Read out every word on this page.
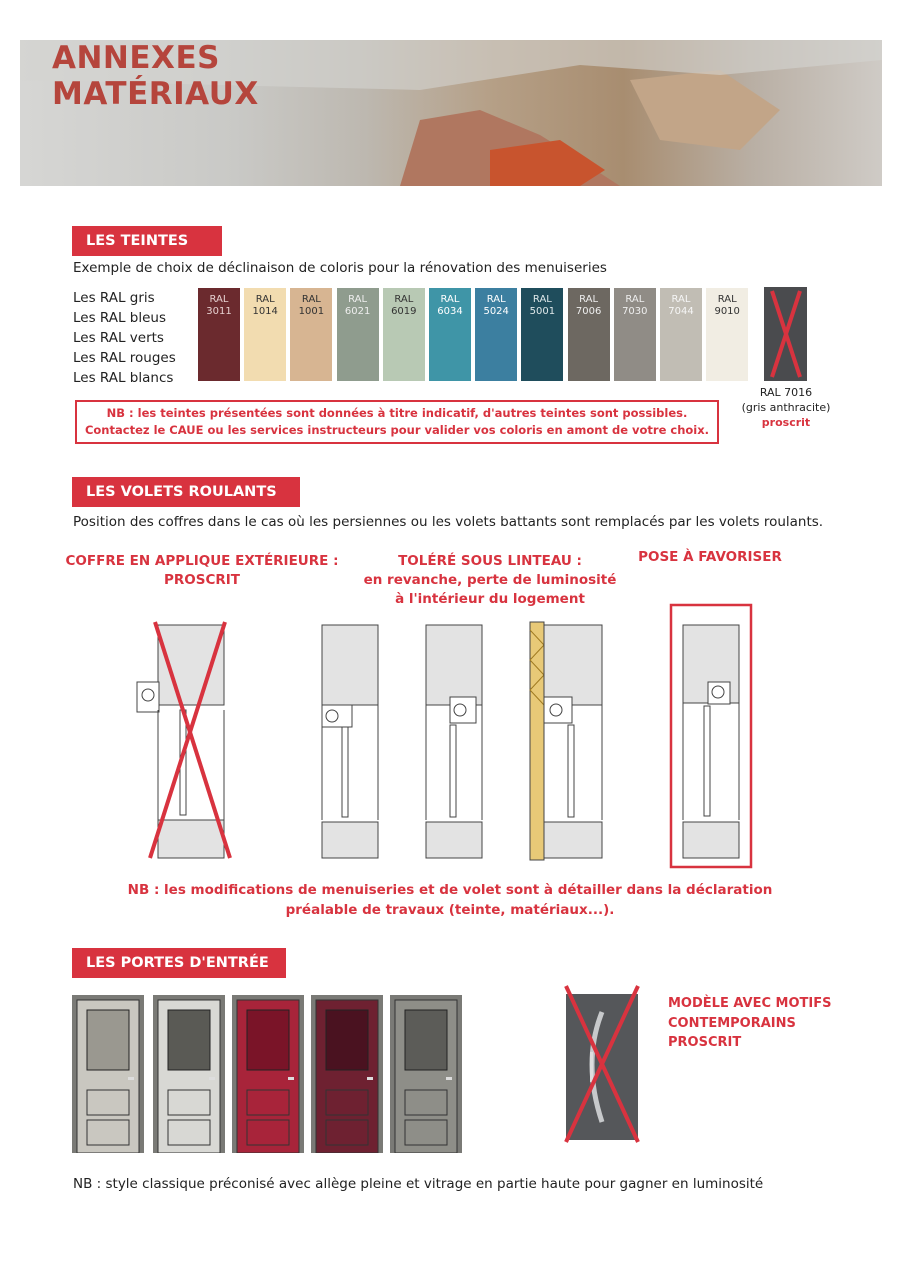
ANNEXES
MATÉRIAUX
LES TEINTES
Exemple de choix de déclinaison de coloris pour la rénovation des menuiseries
Les RAL gris
Les RAL bleus
Les RAL verts
Les RAL rouges
Les RAL blancs
RAL
3011
RAL
1014
RAL
1001
RAL
6021
RAL
6019
RAL
6034
RAL
5024
RAL
5001
RAL
7006
RAL
7030
RAL
7044
RAL
9010
RAL 7016
(gris anthracite)
proscrit
NB : les teintes présentées sont données à titre indicatif, d'autres teintes sont possibles.
Contactez le CAUE ou les services instructeurs pour valider vos coloris en amont de votre choix.
LES VOLETS ROULANTS
Position des coffres dans le cas où les persiennes ou les volets battants sont remplacés par les volets roulants.
COFFRE EN APPLIQUE EXTÉRIEURE :
PROSCRIT
TOLÉRÉ SOUS LINTEAU :
en revanche, perte de luminosité
à l'intérieur du logement
POSE À FAVORISER
NB : les modifications de menuiseries et de volet sont à détailler dans la déclaration
préalable de travaux (teinte, matériaux...).
LES PORTES D'ENTRÉE
MODÈLE AVEC MOTIFS
CONTEMPORAINS
PROSCRIT
NB : style classique préconisé avec allège pleine et vitrage en partie haute pour gagner en luminosité
